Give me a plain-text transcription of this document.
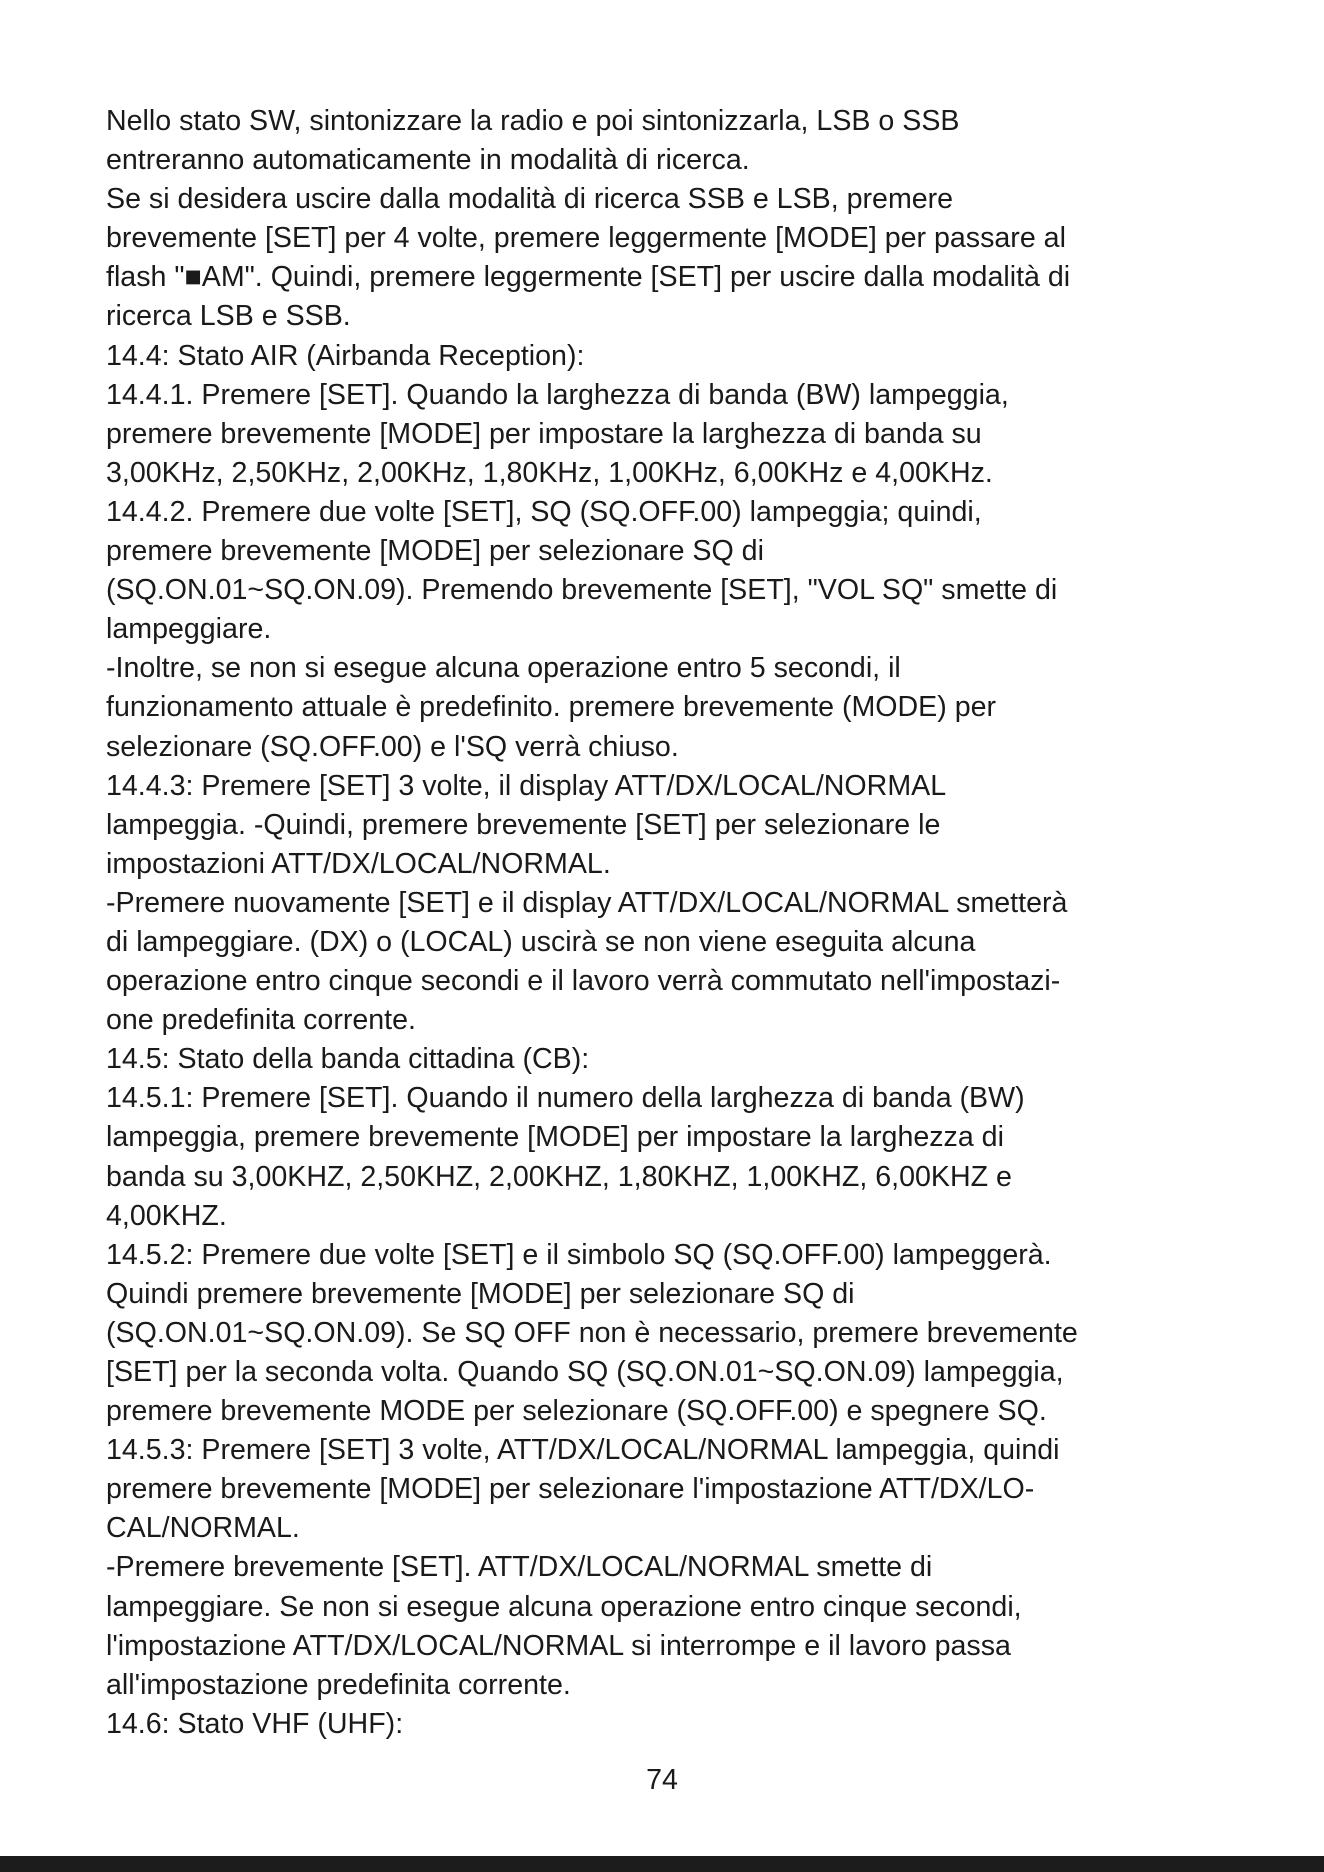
Nello stato SW, sintonizzare la radio e poi sintonizzarla, LSB o SSB
entreranno automaticamente in modalità di ricerca.
Se si desidera uscire dalla modalità di ricerca SSB e LSB, premere
brevemente [SET] per 4 volte, premere leggermente [MODE] per passare al
flash "■AM". Quindi, premere leggermente [SET] per uscire dalla modalità di
ricerca LSB e SSB.
14.4: Stato AIR (Airbanda Reception):
14.4.1. Premere [SET]. Quando la larghezza di banda (BW) lampeggia,
premere brevemente [MODE] per impostare la larghezza di banda su
3,00KHz, 2,50KHz, 2,00KHz, 1,80KHz, 1,00KHz, 6,00KHz e 4,00KHz.
14.4.2. Premere due volte [SET], SQ (SQ.OFF.00) lampeggia; quindi,
premere brevemente [MODE] per selezionare SQ di
(SQ.ON.01~SQ.ON.09). Premendo brevemente [SET], "VOL SQ" smette di
lampeggiare.
-Inoltre, se non si esegue alcuna operazione entro 5 secondi, il
funzionamento attuale è predefinito. premere brevemente (MODE) per
selezionare (SQ.OFF.00) e l'SQ verrà chiuso.
14.4.3: Premere [SET] 3 volte, il display ATT/DX/LOCAL/NORMAL
lampeggia. -Quindi, premere brevemente [SET] per selezionare le
impostazioni ATT/DX/LOCAL/NORMAL.
-Premere nuovamente [SET] e il display ATT/DX/LOCAL/NORMAL smetterà
di lampeggiare. (DX) o (LOCAL) uscirà se non viene eseguita alcuna
operazione entro cinque secondi e il lavoro verrà commutato nell'impostazi-
one predefinita corrente.
14.5: Stato della banda cittadina (CB):
14.5.1: Premere [SET]. Quando il numero della larghezza di banda (BW)
lampeggia, premere brevemente [MODE] per impostare la larghezza di
banda su 3,00KHZ, 2,50KHZ, 2,00KHZ, 1,80KHZ, 1,00KHZ, 6,00KHZ e
4,00KHZ.
14.5.2: Premere due volte [SET] e il simbolo SQ (SQ.OFF.00) lampeggerà.
Quindi premere brevemente [MODE] per selezionare SQ di
(SQ.ON.01~SQ.ON.09). Se SQ OFF non è necessario, premere brevemente
[SET] per la seconda volta. Quando SQ (SQ.ON.01~SQ.ON.09) lampeggia,
premere brevemente MODE per selezionare (SQ.OFF.00) e spegnere SQ.
14.5.3: Premere [SET] 3 volte, ATT/DX/LOCAL/NORMAL lampeggia, quindi
premere brevemente [MODE] per selezionare l'impostazione ATT/DX/LO-
CAL/NORMAL.
-Premere brevemente [SET]. ATT/DX/LOCAL/NORMAL smette di
lampeggiare. Se non si esegue alcuna operazione entro cinque secondi,
l'impostazione ATT/DX/LOCAL/NORMAL si interrompe e il lavoro passa
all'impostazione predefinita corrente.
14.6: Stato VHF (UHF):
74
